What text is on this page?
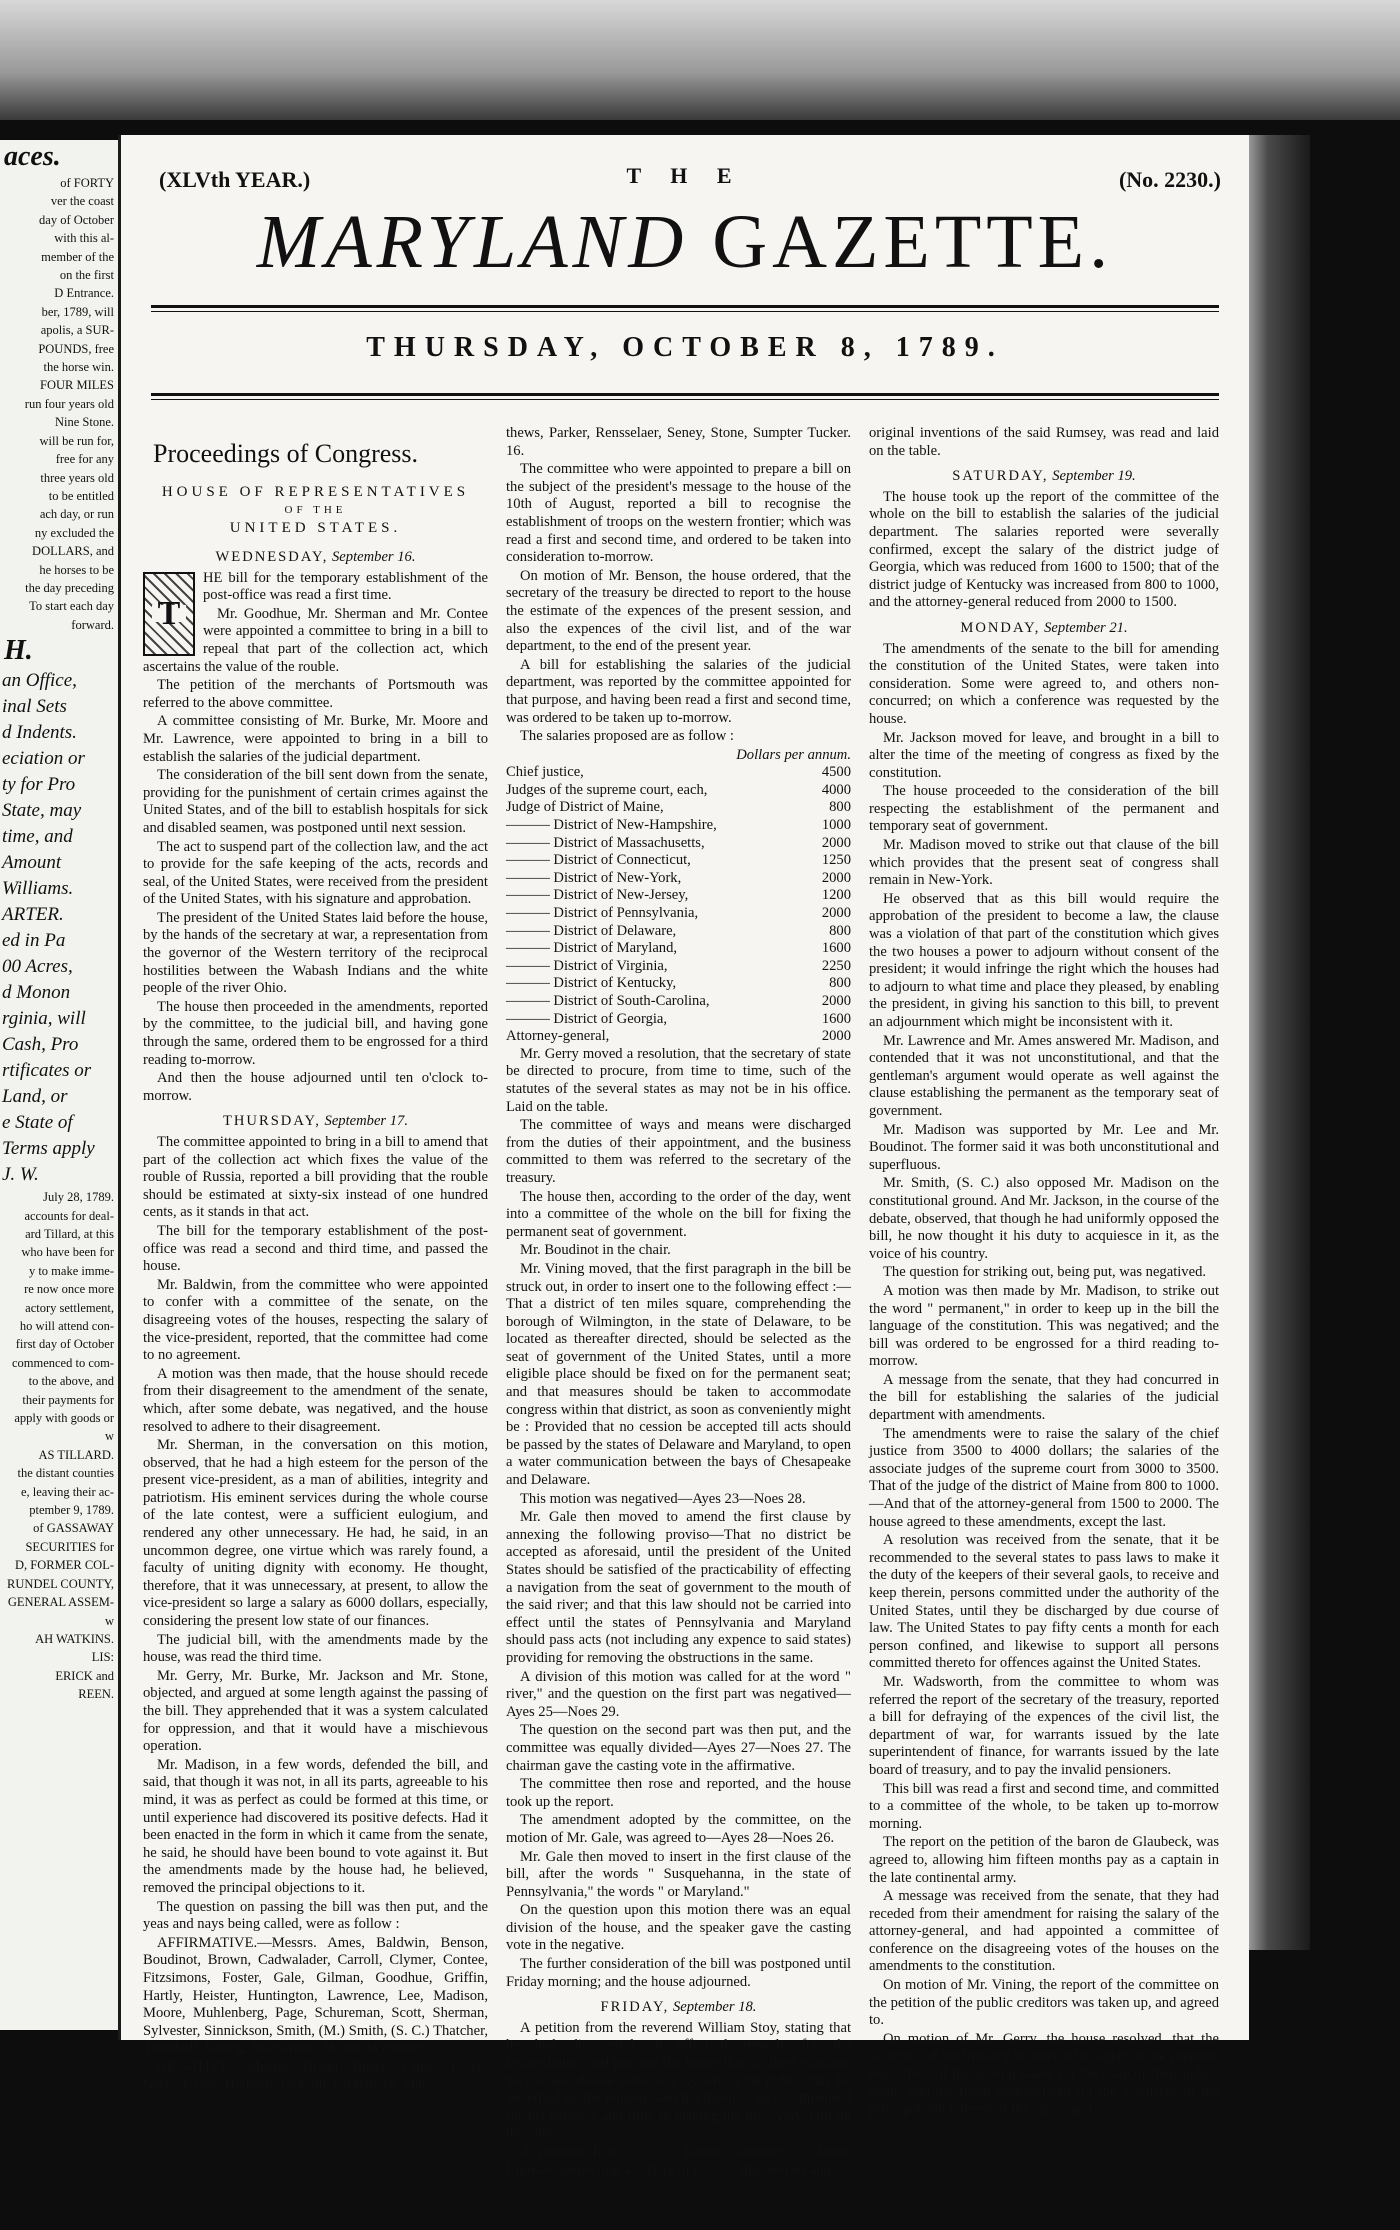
aces.

of FORTY

ver the coast

day of October

with this al-

member of the

on the first

D Entrance.

ber, 1789, will

apolis, a SUR-

POUNDS, free

the horse win.

FOUR MILES

run four years old

Nine Stone.

will be run for,

free for any

three years old

to be entitled

ach day, or run

ny excluded the

DOLLARS, and

he horses to be

the day preceding

To start each day

forward.

H.

an Office,

inal Sets

d Indents.

eciation or

ty for Pro

State, may

time, and

Amount

Williams.

ARTER.

ed in Pa

00 Acres,

d Monon

rginia, will

Cash, Pro

rtificates or

Land, or

e State of

Terms apply

J. W.

July 28, 1789.

accounts for deal-

ard Tillard, at this

who have been for

y to make imme-

re now once more

actory settlement,

ho will attend con-

first day of October

commenced to com-

to the above, and

their payments for

apply with goods or

w

AS TILLARD.

the distant counties

e, leaving their ac-

ptember 9, 1789.

of GASSAWAY

SECURITIES for

D, FORMER COL-

RUNDEL COUNTY,

GENERAL ASSEM-

w

AH WATKINS.

LIS:

ERICK and

REEN.

(XLVth YEAR.)	T H E	(No. 2230.)
MARYLAND GAZETTE.
THURSDAY, OCTOBER 8, 1789.
Proceedings of Congress.
HOUSE OF REPRESENTATIVES
OF THE
UNITED STATES.
WEDNESDAY, September 16.

T
HE bill for the temporary establishment of the post-office was read a first time.

Mr. Goodhue, Mr. Sherman and Mr. Contee were appointed a committee to bring in a bill to repeal that part of the collection act, which ascertains the value of the rouble.

The petition of the merchants of Portsmouth was referred to the above committee.

A committee consisting of Mr. Burke, Mr. Moore and Mr. Lawrence, were appointed to bring in a bill to establish the salaries of the judicial department.

The consideration of the bill sent down from the senate, providing for the punishment of certain crimes against the United States, and of the bill to establish hospitals for sick and disabled seamen, was postponed until next session.

The act to suspend part of the collection law, and the act to provide for the safe keeping of the acts, records and seal, of the United States, were received from the president of the United States, with his signature and approbation.

The president of the United States laid before the house, by the hands of the secretary at war, a representation from the governor of the Western territory of the reciprocal hostilities between the Wabash Indians and the white people of the river Ohio.

The house then proceeded in the amendments, reported by the committee, to the judicial bill, and having gone through the same, ordered them to be engrossed for a third reading to-morrow.

And then the house adjourned until ten o'clock to-morrow.

THURSDAY, September 17.

The committee appointed to bring in a bill to amend that part of the collection act which fixes the value of the rouble of Russia, reported a bill providing that the rouble should be estimated at sixty-six instead of one hundred cents, as it stands in that act.

The bill for the temporary establishment of the post-office was read a second and third time, and passed the house.

Mr. Baldwin, from the committee who were appointed to confer with a committee of the senate, on the disagreeing votes of the houses, respecting the salary of the vice-president, reported, that the committee had come to no agreement.

A motion was then made, that the house should recede from their disagreement to the amendment of the senate, which, after some debate, was negatived, and the house resolved to adhere to their disagreement.

Mr. Sherman, in the conversation on this motion, observed, that he had a high esteem for the person of the present vice-president, as a man of abilities, integrity and patriotism. His eminent services during the whole course of the late contest, were a sufficient eulogium, and rendered any other unnecessary. He had, he said, in an uncommon degree, one virtue which was rarely found, a faculty of uniting dignity with economy. He thought, therefore, that it was unnecessary, at present, to allow the vice-president so large a salary as 6000 dollars, especially, considering the present low state of our finances.

The judicial bill, with the amendments made by the house, was read the third time.

Mr. Gerry, Mr. Burke, Mr. Jackson and Mr. Stone, objected, and argued at some length against the passing of the bill. They apprehended that it was a system calculated for oppression, and that it would have a mischievous operation.

Mr. Madison, in a few words, defended the bill, and said, that though it was not, in all its parts, agreeable to his mind, it was as perfect as could be formed at this time, or until experience had discovered its positive defects. Had it been enacted in the form in which it came from the senate, he said, he should have been bound to vote against it. But the amendments made by the house had, he believed, removed the principal objections to it.

The question on passing the bill was then put, and the yeas and nays being called, were as follow :

AFFIRMATIVE.—Messrs. Ames, Baldwin, Benson, Boudinot, Brown, Cadwalader, Carroll, Clymer, Contee, Fitzsimons, Foster, Gale, Gilman, Goodhue, Griffin, Hartly, Heister, Huntington, Lawrence, Lee, Madison, Moore, Muhlenberg, Page, Schureman, Scott, Sherman, Sylvester, Sinnickson, Smith, (M.) Smith, (S. C.) Thatcher, Trumbull, Vining, Wadsworth, White, Wynkoop. 37.

NEGATIVE.—Messrs. Bland, Burke, Coles, Floyd, Gerry, Grout, Hathorn, Jackson, Livermore, Mat-

thews, Parker, Rensselaer, Seney, Stone, Sumpter Tucker. 16.

The committee who were appointed to prepare a bill on the subject of the president's message to the house of the 10th of August, reported a bill to recognise the establishment of troops on the western frontier; which was read a first and second time, and ordered to be taken into consideration to-morrow.

On motion of Mr. Benson, the house ordered, that the secretary of the treasury be directed to report to the house the estimate of the expences of the present session, and also the expences of the civil list, and of the war department, to the end of the present year.

A bill for establishing the salaries of the judicial department, was reported by the committee appointed for that purpose, and having been read a first and second time, was ordered to be taken up to-morrow.

The salaries proposed are as follow :

Dollars per annum.
Chief justice,	4500
Judges of the supreme court, each,	4000
Judge of District of Maine,	800
——— District of New-Hampshire,	1000
——— District of Massachusetts,	2000
——— District of Connecticut,	1250
——— District of New-York,	2000
——— District of New-Jersey,	1200
——— District of Pennsylvania,	2000
——— District of Delaware,	800
——— District of Maryland,	1600
——— District of Virginia,	2250
——— District of Kentucky,	800
——— District of South-Carolina,	2000
——— District of Georgia,	1600
Attorney-general,	2000

Mr. Gerry moved a resolution, that the secretary of state be directed to procure, from time to time, such of the statutes of the several states as may not be in his office. Laid on the table.

The committee of ways and means were discharged from the duties of their appointment, and the business committed to them was referred to the secretary of the treasury.

The house then, according to the order of the day, went into a committee of the whole on the bill for fixing the permanent seat of government.

Mr. Boudinot in the chair.

Mr. Vining moved, that the first paragraph in the bill be struck out, in order to insert one to the following effect :—That a district of ten miles square, comprehending the borough of Wilmington, in the state of Delaware, to be located as thereafter directed, should be selected as the seat of government of the United States, until a more eligible place should be fixed on for the permanent seat; and that measures should be taken to accommodate congress within that district, as soon as conveniently might be : Provided that no cession be accepted till acts should be passed by the states of Delaware and Maryland, to open a water communication between the bays of Chesapeake and Delaware.

This motion was negatived—Ayes 23—Noes 28.

Mr. Gale then moved to amend the first clause by annexing the following proviso—That no district be accepted as aforesaid, until the president of the United States should be satisfied of the practicability of effecting a navigation from the seat of government to the mouth of the said river; and that this law should not be carried into effect until the states of Pennsylvania and Maryland should pass acts (not including any expence to said states) providing for removing the obstructions in the same.

A division of this motion was called for at the word " river," and the question on the first part was negatived—Ayes 25—Noes 29.

The question on the second part was then put, and the committee was equally divided—Ayes 27—Noes 27. The chairman gave the casting vote in the affirmative.

The committee then rose and reported, and the house took up the report.

The amendment adopted by the committee, on the motion of Mr. Gale, was agreed to—Ayes 28—Noes 26.

Mr. Gale then moved to insert in the first clause of the bill, after the words " Susquehanna, in the state of Pennsylvania," the words " or Maryland."

On the question upon this motion there was an equal division of the house, and the speaker gave the casting vote in the negative.

The further consideration of the bill was postponed until Friday morning; and the house adjourned.

FRIDAY, September 18.

A petition from the reverend William Stoy, stating that he had discovered an effectual remedy for the hydrophobia, and praying the house that, in their wisdom, they would devise some way by which the public may be benefited by the remedy, and the inventor be recompensed for his expence and time in making the discovery, laid on the table.

A petition from ——— Barnes, attorney to James Rumsey, respecting a variety of curious discoveries and

original inventions of the said Rumsey, was read and laid on the table.

SATURDAY, September 19.

The house took up the report of the committee of the whole on the bill to establish the salaries of the judicial department. The salaries reported were severally confirmed, except the salary of the district judge of Georgia, which was reduced from 1600 to 1500; that of the district judge of Kentucky was increased from 800 to 1000, and the attorney-general reduced from 2000 to 1500.

MONDAY, September 21.

The amendments of the senate to the bill for amending the constitution of the United States, were taken into consideration. Some were agreed to, and others non-concurred; on which a conference was requested by the house.

Mr. Jackson moved for leave, and brought in a bill to alter the time of the meeting of congress as fixed by the constitution.

The house proceeded to the consideration of the bill respecting the establishment of the permanent and temporary seat of government.

Mr. Madison moved to strike out that clause of the bill which provides that the present seat of congress shall remain in New-York.

He observed that as this bill would require the approbation of the president to become a law, the clause was a violation of that part of the constitution which gives the two houses a power to adjourn without consent of the president; it would infringe the right which the houses had to adjourn to what time and place they pleased, by enabling the president, in giving his sanction to this bill, to prevent an adjournment which might be inconsistent with it.

Mr. Lawrence and Mr. Ames answered Mr. Madison, and contended that it was not unconstitutional, and that the gentleman's argument would operate as well against the clause establishing the permanent as the temporary seat of government.

Mr. Madison was supported by Mr. Lee and Mr. Boudinot. The former said it was both unconstitutional and superfluous.

Mr. Smith, (S. C.) also opposed Mr. Madison on the constitutional ground. And Mr. Jackson, in the course of the debate, observed, that though he had uniformly opposed the bill, he now thought it his duty to acquiesce in it, as the voice of his country.

The question for striking out, being put, was negatived.

A motion was then made by Mr. Madison, to strike out the word " permanent," in order to keep up in the bill the language of the constitution. This was negatived; and the bill was ordered to be engrossed for a third reading to-morrow.

A message from the senate, that they had concurred in the bill for establishing the salaries of the judicial department with amendments.

The amendments were to raise the salary of the chief justice from 3500 to 4000 dollars; the salaries of the associate judges of the supreme court from 3000 to 3500. That of the judge of the district of Maine from 800 to 1000.—And that of the attorney-general from 1500 to 2000. The house agreed to these amendments, except the last.

A resolution was received from the senate, that it be recommended to the several states to pass laws to make it the duty of the keepers of their several gaols, to receive and keep therein, persons committed under the authority of the United States, until they be discharged by due course of law. The United States to pay fifty cents a month for each person confined, and likewise to support all persons committed thereto for offences against the United States.

Mr. Wadsworth, from the committee to whom was referred the report of the secretary of the treasury, reported a bill for defraying of the expences of the civil list, the department of war, for warrants issued by the late superintendent of finance, for warrants issued by the late board of treasury, and to pay the invalid pensioners.

This bill was read a first and second time, and committed to a committee of the whole, to be taken up to-morrow morning.

The report on the petition of the baron de Glaubeck, was agreed to, allowing him fifteen months pay as a captain in the late continental army.

A message was received from the senate, that they had receded from their amendment for raising the salary of the attorney-general, and had appointed a committee of conference on the disagreeing votes of the houses on the amendments to the constitution.

On motion of Mr. Vining, the report of the committee on the petition of the public creditors was taken up, and agreed to.

On motion of Mr. Gerry, the house resolved, that the secretary of the treasury be directed to apply to the supreme executives of the several states for the state of their public debts, and the funds appropriated for the discharge of the principal and interest of the same; and
